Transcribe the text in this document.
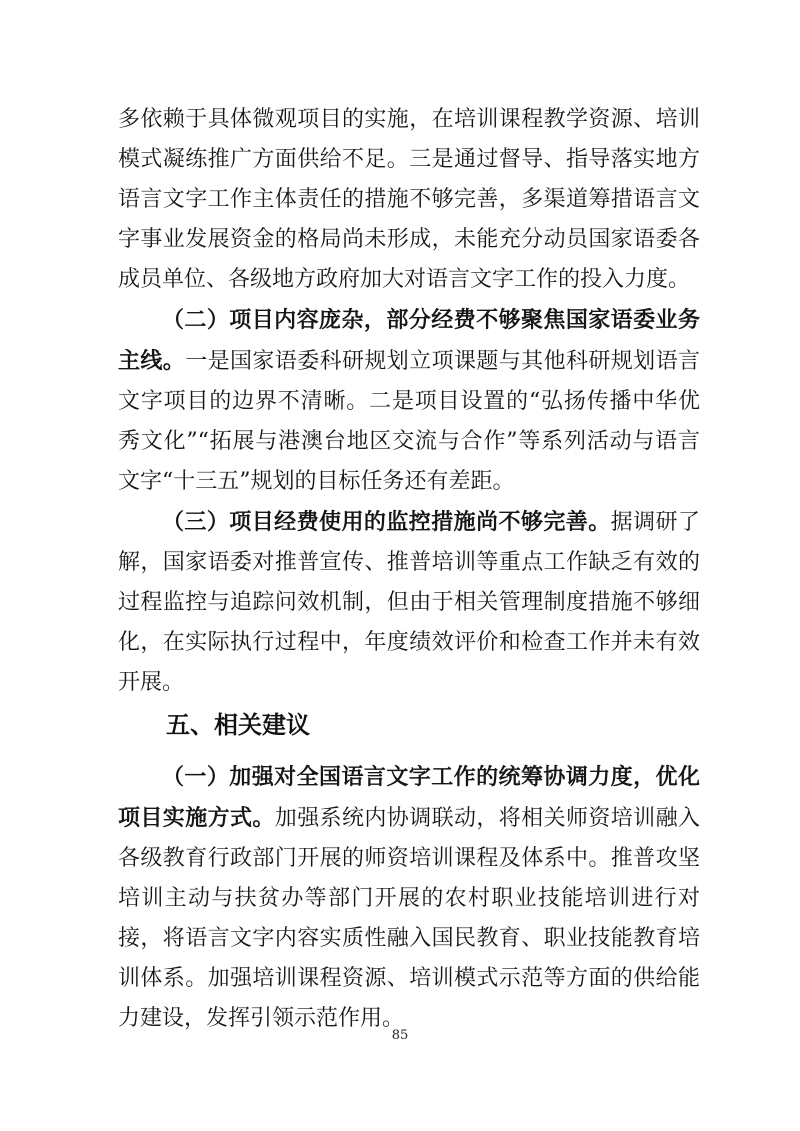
多依赖于具体微观项目的实施，在培训课程教学资源、培训模式凝练推广方面供给不足。三是通过督导、指导落实地方语言文字工作主体责任的措施不够完善，多渠道筹措语言文字事业发展资金的格局尚未形成，未能充分动员国家语委各成员单位、各级地方政府加大对语言文字工作的投入力度。

（二）项目内容庞杂，部分经费不够聚焦国家语委业务主线。一是国家语委科研规划立项课题与其他科研规划语言文字项目的边界不清晰。二是项目设置的“弘扬传播中华优秀文化”“拓展与港澳台地区交流与合作”等系列活动与语言文字“十三五”规划的目标任务还有差距。

（三）项目经费使用的监控措施尚不够完善。据调研了解，国家语委对推普宣传、推普培训等重点工作缺乏有效的过程监控与追踪问效机制，但由于相关管理制度措施不够细化，在实际执行过程中，年度绩效评价和检查工作并未有效开展。

五、相关建议

（一）加强对全国语言文字工作的统筹协调力度，优化项目实施方式。加强系统内协调联动，将相关师资培训融入各级教育行政部门开展的师资培训课程及体系中。推普攻坚培训主动与扶贫办等部门开展的农村职业技能培训进行对接，将语言文字内容实质性融入国民教育、职业技能教育培训体系。加强培训课程资源、培训模式示范等方面的供给能力建设，发挥引领示范作用。

85
